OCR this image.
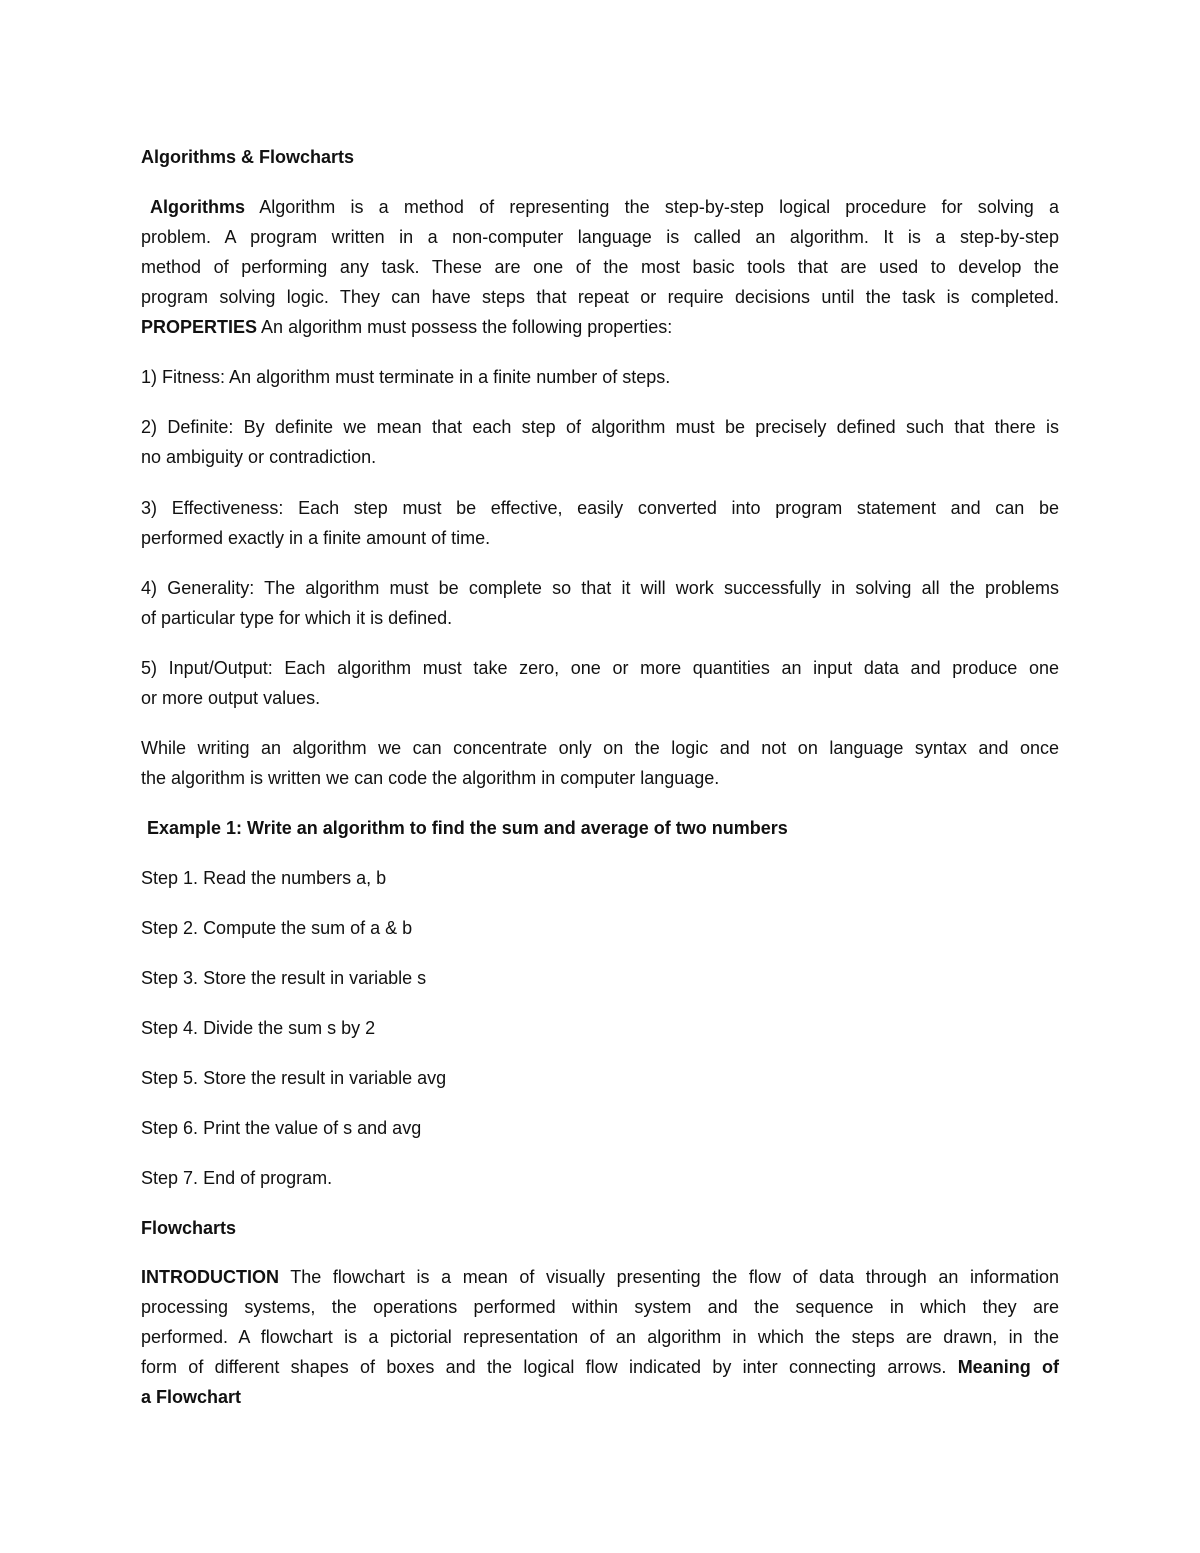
Algorithms & Flowcharts
Algorithms Algorithm is a method of representing the step-by-step logical procedure for solving a
problem. A program written in a non-computer language is called an algorithm. It is a step-by-step
method of performing any task. These are one of the most basic tools that are used to develop the
program solving logic. They can have steps that repeat or require decisions until the task is completed.
PROPERTIES An algorithm must possess the following properties:
1) Fitness: An algorithm must terminate in a finite number of steps.
2) Definite: By definite we mean that each step of algorithm must be precisely defined such that there is
no ambiguity or contradiction.
3) Effectiveness: Each step must be effective, easily converted into program statement and can be
performed exactly in a finite amount of time.
4) Generality: The algorithm must be complete so that it will work successfully in solving all the problems
of particular type for which it is defined.
5) Input/Output: Each algorithm must take zero, one or more quantities an input data and produce one
or more output values.
While writing an algorithm we can concentrate only on the logic and not on language syntax and once
the algorithm is written we can code the algorithm in computer language.
Example 1: Write an algorithm to find the sum and average of two numbers
Step 1. Read the numbers a, b
Step 2. Compute the sum of a & b
Step 3. Store the result in variable s
Step 4. Divide the sum s by 2
Step 5. Store the result in variable avg
Step 6. Print the value of s and avg
Step 7. End of program.
Flowcharts
INTRODUCTION The flowchart is a mean of visually presenting the flow of data through an information
processing systems, the operations performed within system and the sequence in which they are
performed. A flowchart is a pictorial representation of an algorithm in which the steps are drawn, in the
form of different shapes of boxes and the logical flow indicated by inter connecting arrows. Meaning of
a Flowchart
